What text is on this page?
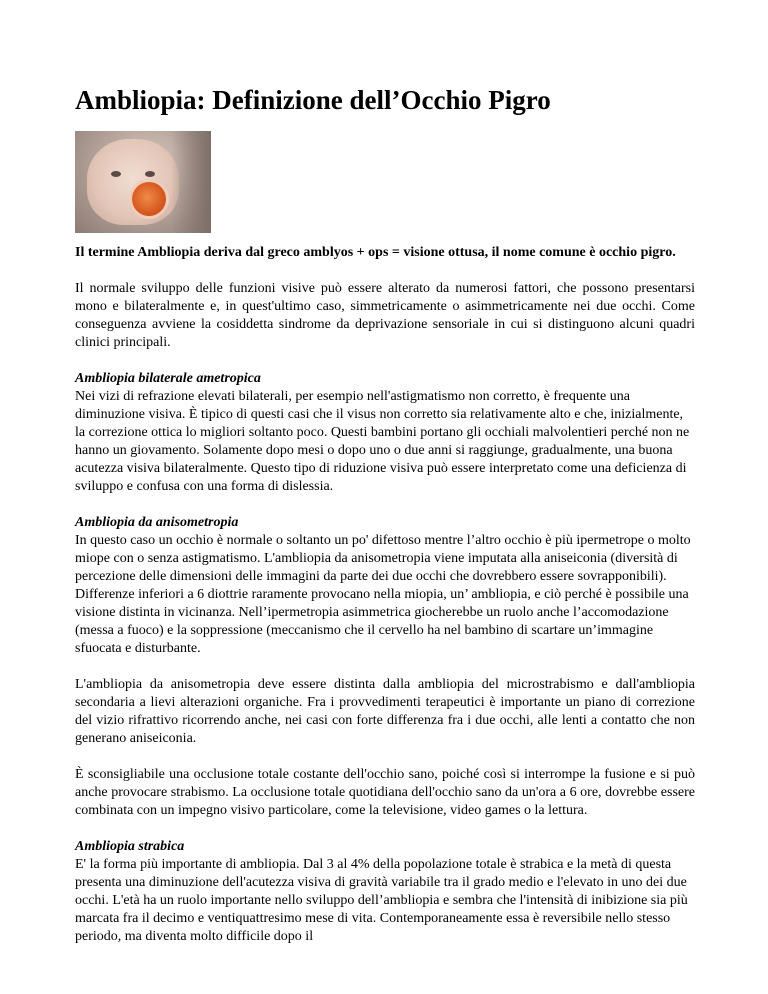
Ambliopia: Definizione dell’Occhio Pigro

Il termine Ambliopia deriva dal greco amblyos + ops = visione ottusa, il nome comune è occhio pigro.

Il normale sviluppo delle funzioni visive può essere alterato da numerosi fattori, che possono presentarsi mono e bilateralmente e, in quest'ultimo caso, simmetricamente o asimmetricamente nei due occhi. Come conseguenza avviene la cosiddetta sindrome da deprivazione sensoriale in cui si distinguono alcuni quadri clinici principali.

Ambliopia bilaterale ametropica
Nei vizi di refrazione elevati bilaterali, per esempio nell'astigmatismo non corretto, è frequente una diminuzione visiva. È tipico di questi casi che il visus non corretto sia relativamente alto e che, inizialmente, la correzione ottica lo migliori soltanto poco. Questi bambini portano gli occhiali malvolentieri perché non ne hanno un giovamento. Solamente dopo mesi o dopo uno o due anni si raggiunge, gradualmente, una buona acutezza visiva bilateralmente. Questo tipo di riduzione visiva può essere interpretato come una deficienza di sviluppo e confusa con una forma di dislessia.

Ambliopia da anisometropia
In questo caso un occhio è normale o soltanto un po' difettoso mentre l’altro occhio è più ipermetrope o molto miope con o senza astigmatismo. L'ambliopia da anisometropia viene imputata alla aniseiconia (diversità di percezione delle dimensioni delle immagini da parte dei due occhi che dovrebbero essere sovrapponibili). Differenze inferiori a 6 diottrie raramente provocano nella miopia, un’ ambliopia, e ciò perché è possibile una visione distinta in vicinanza. Nell’ipermetropia asimmetrica giocherebbe un ruolo anche l’accomodazione (messa a fuoco) e la soppressione (meccanismo che il cervello ha nel bambino di scartare un’immagine sfuocata e disturbante.

L'ambliopia da anisometropia deve essere distinta dalla ambliopia del microstrabismo e dall'ambliopia secondaria a lievi alterazioni organiche. Fra i provvedimenti terapeutici è importante un piano di correzione del vizio rifrattivo ricorrendo anche, nei casi con forte differenza fra i due occhi, alle lenti a contatto che non generano aniseiconia.

È sconsigliabile una occlusione totale costante dell'occhio sano, poiché così si interrompe la fusione e si può anche provocare strabismo. La occlusione totale quotidiana dell'occhio sano da un'ora a 6 ore, dovrebbe essere combinata con un impegno visivo particolare, come la televisione, video games o la lettura.

Ambliopia strabica
E' la forma più importante di ambliopia. Dal 3 al 4% della popolazione totale è strabica e la metà di questa presenta una diminuzione dell'acutezza visiva di gravità variabile tra il grado medio e l'elevato in uno dei due occhi. L'età ha un ruolo importante nello sviluppo dell’ambliopia e sembra che l'intensità di inibizione sia più marcata fra il decimo e ventiquattresimo mese di vita. Contemporaneamente essa è reversibile nello stesso periodo, ma diventa molto difficile dopo il
